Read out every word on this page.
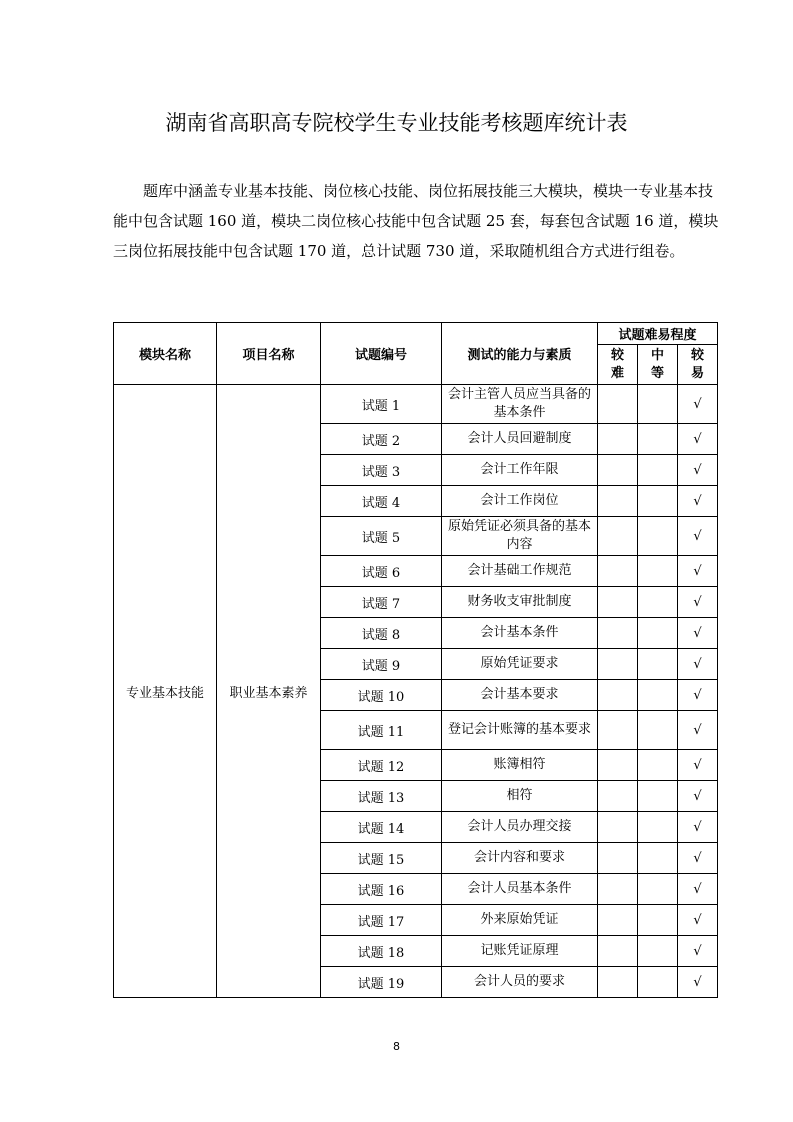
湖南省高职高专院校学生专业技能考核题库统计表

题库中涵盖专业基本技能、岗位核心技能、岗位拓展技能三大模块，模块一专业基本技能中包含试题 160 道，模块二岗位核心技能中包含试题 25 套，每套包含试题 16 道，模块三岗位拓展技能中包含试题 170 道，总计试题 730 道，采取随机组合方式进行组卷。

模块名称	项目名称	试题编号	测试的能力与素质	试题难易程度		
				较难	中等	较易
专业基本技能	职业基本素养	试题 1	会计主管人员应当具备的基本条件			√
		试题 2	会计人员回避制度			√
		试题 3	会计工作年限			√
		试题 4	会计工作岗位			√
		试题 5	原始凭证必须具备的基本内容			√
		试题 6	会计基础工作规范			√
		试题 7	财务收支审批制度			√
		试题 8	会计基本条件			√
		试题 9	原始凭证要求			√
		试题 10	会计基本要求			√
		试题 11	登记会计账簿的基本要求			√
		试题 12	账簿相符			√
		试题 13	相符			√
		试题 14	会计人员办理交接			√
		试题 15	会计内容和要求			√
		试题 16	会计人员基本条件			√
		试题 17	外来原始凭证			√
		试题 18	记账凭证原理			√
		试题 19	会计人员的要求			√
8
